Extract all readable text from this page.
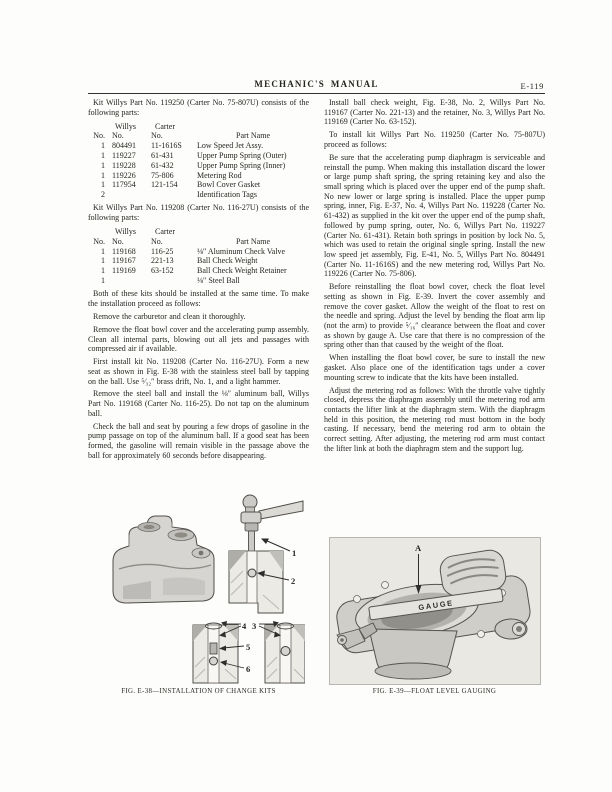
MECHANIC'S MANUAL	E-119

Kit Willys Part No. 119250 (Carter No. 75-807U) consists of the following parts:

Willys	Carter
No. No.	No.	Part Name
1 804491	11-1616S	Low Speed Jet Assy.
1 119227	61-431	Upper Pump Spring (Outer)
1 119228	61-432	Upper Pump Spring (Inner)
1 119226	75-806	Metering Rod
1 117954	121-154	Bowl Cover Gasket
2	Identification Tags

Kit Willys Part No. 119208 (Carter No. 116-27U) consists of the following parts:

Willys	Carter
No. No.	No.	Part Name
1 119168	116-25	⅛″ Aluminum Check Valve
1 119167	221-13	Ball Check Weight
1 119169	63-152	Ball Check Weight Retainer
1	⅛″ Steel Ball

Both of these kits should be installed at the same time. To make the installation proceed as follows:

Remove the carburetor and clean it thoroughly.

Remove the float bowl cover and the accelerating pump assembly. Clean all internal parts, blowing out all jets and passages with compressed air if available.

First install kit No. 119208 (Carter No. 116-27U). Form a new seat as shown in Fig. E-38 with the stainless steel ball by tapping on the ball. Use ⁵⁄₃₂″ brass drift, No. 1, and a light hammer.

Remove the steel ball and install the ⅛″ aluminum ball, Willys Part No. 119168 (Carter No. 116-25). Do not tap on the aluminum ball.

Check the ball and seat by pouring a few drops of gasoline in the pump passage on top of the aluminum ball. If a good seat has been formed, the gasoline will remain visible in the passage above the ball for approximately 60 seconds before disappearing.

1
2
4 3
5
6
FIG. E-38—INSTALLATION OF CHANGE KITS

Install ball check weight, Fig. E-38, No. 2, Willys Part No. 119167 (Carter No. 221-13) and the retainer, No. 3, Willys Part No. 119169 (Carter No. 63-152).

To install kit Willys Part No. 119250 (Carter No. 75-807U) proceed as follows:

Be sure that the accelerating pump diaphragm is serviceable and reinstall the pump. When making this installation discard the lower or large pump shaft spring, the spring retaining key and also the small spring which is placed over the upper end of the pump shaft. No new lower or large spring is installed. Place the upper pump spring, inner, Fig. E-37, No. 4, Willys Part No. 119228 (Carter No. 61-432) as supplied in the kit over the upper end of the pump shaft, followed by pump spring, outer, No. 6, Willys Part No. 119227 (Carter No. 61-431). Retain both springs in position by lock No. 5, which was used to retain the original single spring. Install the new low speed jet assembly, Fig. E-41, No. 5, Willys Part No. 804491 (Carter No. 11-1616S) and the new metering rod, Willys Part No. 119226 (Carter No. 75-806).

Before reinstalling the float bowl cover, check the float level setting as shown in Fig. E-39. Invert the cover assembly and remove the cover gasket. Allow the weight of the float to rest on the needle and spring. Adjust the level by bending the float arm lip (not the arm) to provide ⁵⁄₁₆″ clearance between the float and cover as shown by gauge A. Use care that there is no compression of the spring other than that caused by the weight of the float.

When installing the float bowl cover, be sure to install the new gasket. Also place one of the identification tags under a cover mounting screw to indicate that the kits have been installed.

Adjust the metering rod as follows: With the throttle valve tightly closed, depress the diaphragm assembly until the metering rod arm contacts the lifter link at the diaphragm stem. With the diaphragm held in this position, the metering rod must bottom in the body casting. If necessary, bend the metering rod arm to obtain the correct setting. After adjusting, the metering rod arm must contact the lifter link at both the diaphragm stem and the support lug.

GAUGE
A
FIG. E-39—FLOAT LEVEL GAUGING
